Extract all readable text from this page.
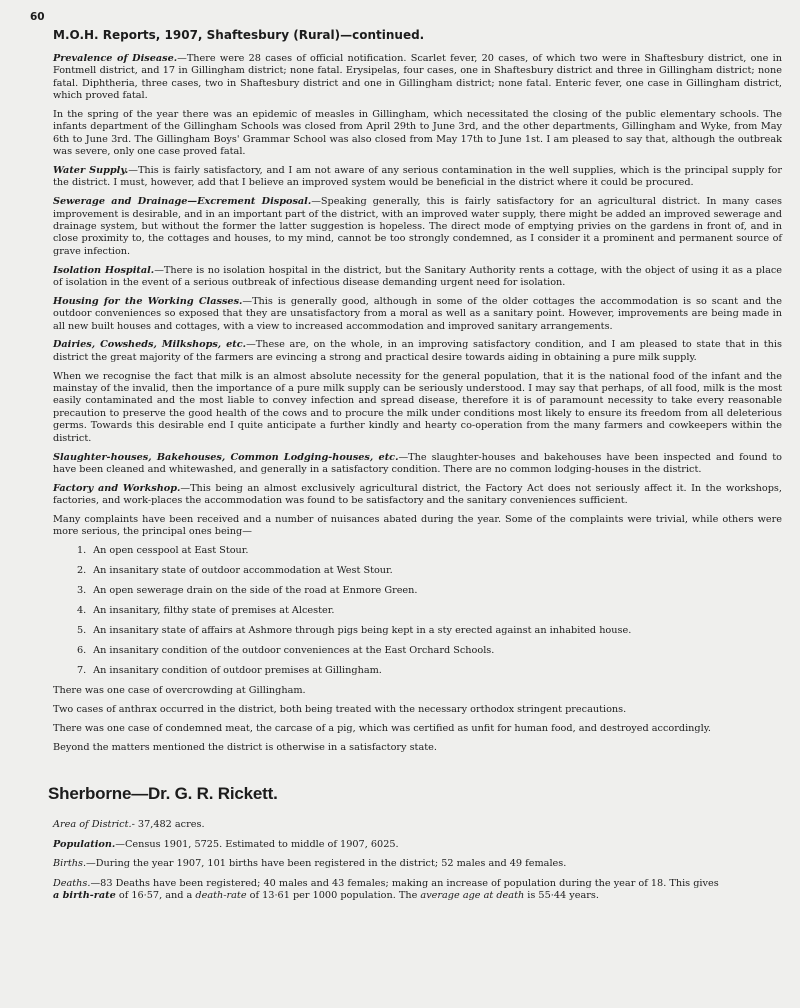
60
M.O.H. Reports, 1907, Shaftesbury (Rural)—continued.

Prevalence of Disease.—There were 28 cases of official notification. Scarlet fever, 20 cases, of which two were in Shaftesbury district, one in Fontmell district, and 17 in Gillingham district; none fatal. Erysipelas, four cases, one in Shaftesbury district and three in Gillingham district; none fatal. Diphtheria, three cases, two in Shaftesbury district and one in Gillingham district; none fatal. Enteric fever, one case in Gillingham district, which proved fatal.

In the spring of the year there was an epidemic of measles in Gillingham, which necessitated the closing of the public elementary schools. The infants department of the Gillingham Schools was closed from April 29th to June 3rd, and the other departments, Gillingham and Wyke, from May 6th to June 3rd. The Gillingham Boys' Grammar School was also closed from May 17th to June 1st. I am pleased to say that, although the outbreak was severe, only one case proved fatal.

Water Supply.—This is fairly satisfactory, and I am not aware of any serious contamination in the well supplies, which is the principal supply for the district. I must, however, add that I believe an improved system would be beneficial in the district where it could be procured.

Sewerage and Drainage—Excrement Disposal.—Speaking generally, this is fairly satisfactory for an agricultural district. In many cases improvement is desirable, and in an important part of the district, with an improved water supply, there might be added an improved sewerage and drainage system, but without the former the latter suggestion is hopeless. The direct mode of emptying privies on the gardens in front of, and in close proximity to, the cottages and houses, to my mind, cannot be too strongly condemned, as I consider it a prominent and permanent source of grave infection.

Isolation Hospital.—There is no isolation hospital in the district, but the Sanitary Authority rents a cottage, with the object of using it as a place of isolation in the event of a serious outbreak of infectious disease demanding urgent need for isolation.

Housing for the Working Classes.—This is generally good, although in some of the older cottages the accommodation is so scant and the outdoor conveniences so exposed that they are unsatisfactory from a moral as well as a sanitary point. However, improvements are being made in all new built houses and cottages, with a view to increased accommodation and improved sanitary arrangements.

Dairies, Cowsheds, Milkshops, etc.—These are, on the whole, in an improving satisfactory condition, and I am pleased to state that in this district the great majority of the farmers are evincing a strong and practical desire towards aiding in obtaining a pure milk supply.

When we recognise the fact that milk is an almost absolute necessity for the general population, that it is the national food of the infant and the mainstay of the invalid, then the importance of a pure milk supply can be seriously understood. I may say that perhaps, of all food, milk is the most easily contaminated and the most liable to convey infection and spread disease, therefore it is of paramount necessity to take every reasonable precaution to preserve the good health of the cows and to procure the milk under conditions most likely to ensure its freedom from all deleterious germs. Towards this desirable end I quite anticipate a further kindly and hearty co-operation from the many farmers and cowkeepers within the district.

Slaughter-houses, Bakehouses, Common Lodging-houses, etc.—The slaughter-houses and bakehouses have been inspected and found to have been cleaned and whitewashed, and generally in a satisfactory condition. There are no common lodging-houses in the district.

Factory and Workshop.—This being an almost exclusively agricultural district, the Factory Act does not seriously affect it. In the workshops, factories, and work-places the accommodation was found to be satisfactory and the sanitary conveniences sufficient.

Many complaints have been received and a number of nuisances abated during the year. Some of the complaints were trivial, while others were more serious, the principal ones being—

1. An open cesspool at East Stour.
2. An insanitary state of outdoor accommodation at West Stour.
3. An open sewerage drain on the side of the road at Enmore Green.
4. An insanitary, filthy state of premises at Alcester.
5. An insanitary state of affairs at Ashmore through pigs being kept in a sty erected against an inhabited house.
6. An insanitary condition of the outdoor conveniences at the East Orchard Schools.
7. An insanitary condition of outdoor premises at Gillingham.

There was one case of overcrowding at Gillingham.

Two cases of anthrax occurred in the district, both being treated with the necessary orthodox stringent precautions.

There was one case of condemned meat, the carcase of a pig, which was certified as unfit for human food, and destroyed accordingly.

Beyond the matters mentioned the district is otherwise in a satisfactory state.

Sherborne—Dr. G. R. Rickett.

Area of District.- 37,482 acres.

Population.—Census 1901, 5725. Estimated to middle of 1907, 6025.

Births.—During the year 1907, 101 births have been registered in the district; 52 males and 49 females.

Deaths.—83 Deaths have been registered; 40 males and 43 females; making an increase of population during the year of 18. This gives
a birth-rate of 16·57, and a death-rate of 13·61 per 1000 population. The average age at death is 55·44 years.
